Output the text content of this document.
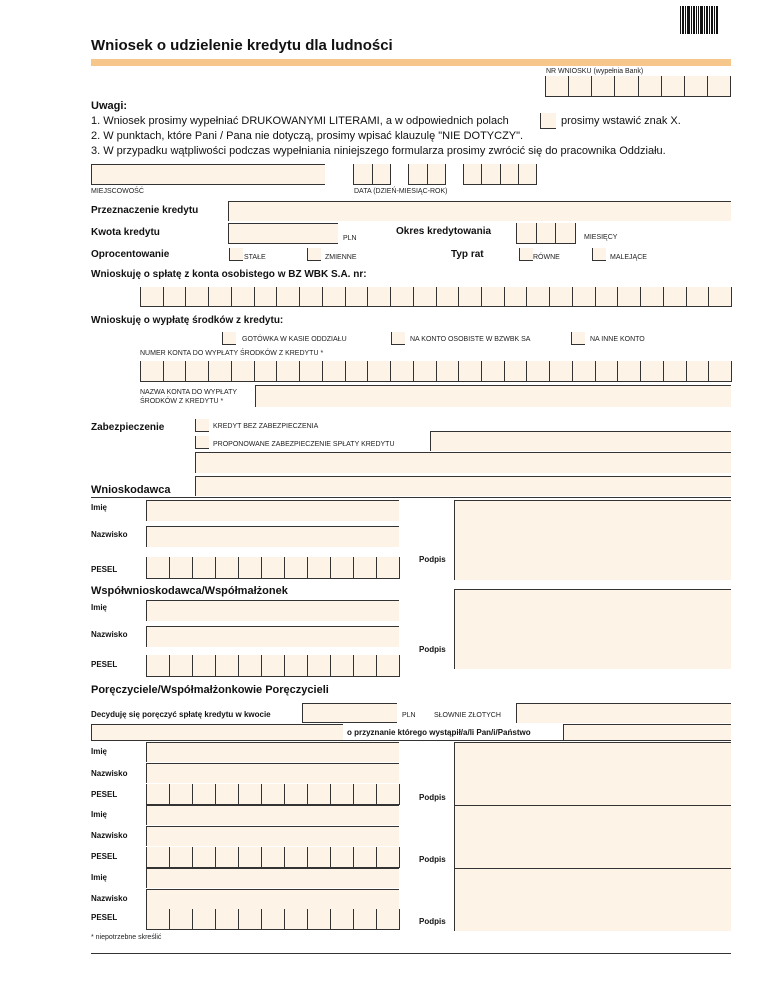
Wniosek o udzielenie kredytu dla ludności
NR WNIOSKU (wypełnia Bank)
Uwagi:
1. Wniosek prosimy wypełniać DRUKOWANYMI LITERAMI, a w odpowiednich polach	prosimy wstawić znak X.
2. W punktach, które Pani / Pana nie dotyczą, prosimy wpisać klauzulę "NIE DOTYCZY".
3. W przypadku wątpliwości podczas wypełniania niniejszego formularza prosimy zwrócić się do pracownika Oddziału.
MIEJSCOWOŚĆ	DATA (DZIEŃ-MIESIĄC-ROK)
Przeznaczenie kredytu
Kwota kredytu
PLN
Okres kredytowania
MIESIĘCY
Oprocentowanie	STAŁE	ZMIENNE	Typ rat	RÓWNE	MALEJĄCE
Wnioskuję o spłatę z konta osobistego w BZ WBK S.A. nr:
Wnioskuję o wypłatę środków z kredytu:
GOTÓWKA W KASIE ODDZIAŁU	NA KONTO OSOBISTE W BZWBK SA	NA INNE KONTO
NUMER KONTA DO WYPŁATY ŚRODKÓW Z KREDYTU *
NAZWA KONTA DO WYPŁATY
ŚRODKÓW Z KREDYTU *
Zabezpieczenie	KREDYT BEZ ZABEZPIECZENIA
PROPONOWANE ZABEZPIECZENIE SPŁATY KREDYTU
Wnioskodawca
Imię
Nazwisko
PESEL
Podpis
Współwnioskodawca/Współmałżonek
Imię
Nazwisko
PESEL
Podpis
Poręczyciele/Współmałżonkowie Poręczycieli
Decyduję się poręczyć spłatę kredytu w kwocie	PLN	SŁOWNIE ZŁOTYCH
o przyznanie którego wystąpił/a/li Pan/i/Państwo
Imię
Nazwisko
PESEL	Podpis
Imię
Nazwisko
PESEL	Podpis
Imię
Nazwisko
PESEL	Podpis
* niepotrzebne skreślić
